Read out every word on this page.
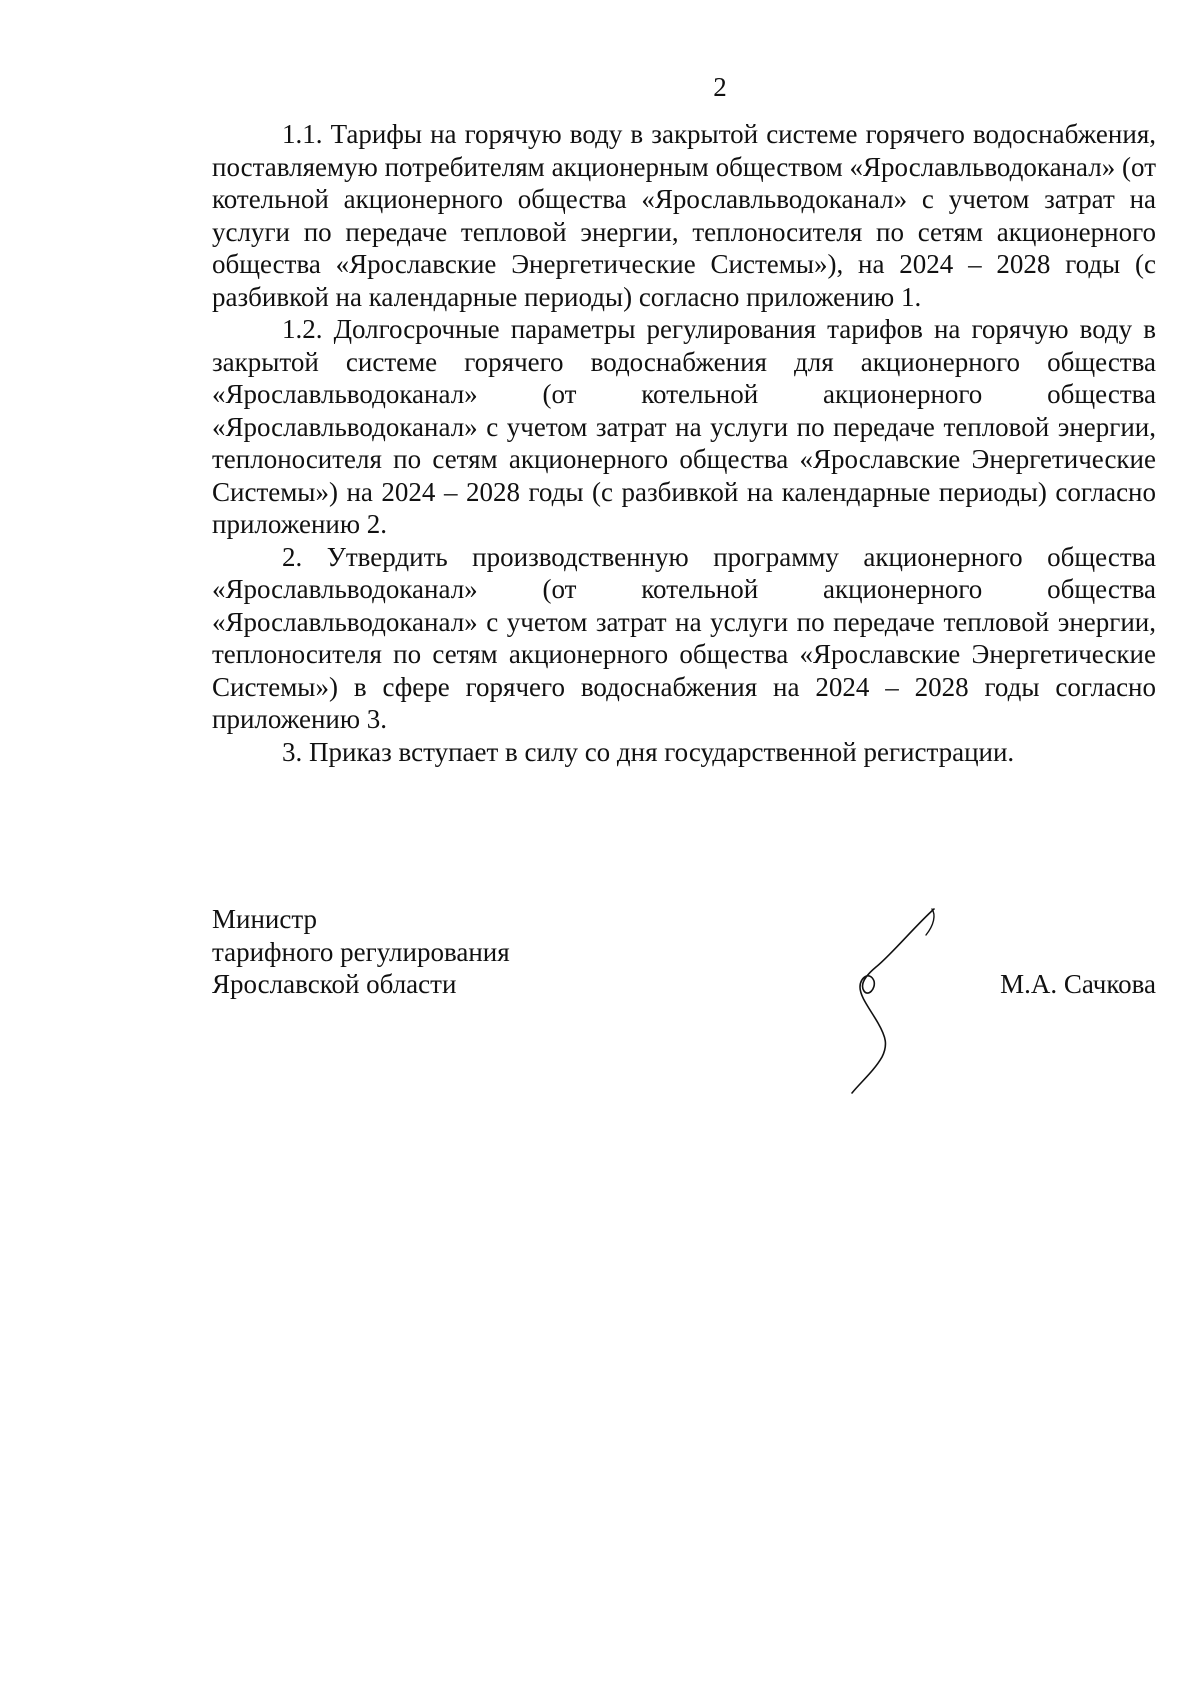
2

1.1. Тарифы на горячую воду в закрытой системе горячего водоснабжения, поставляемую потребителям акционерным обществом «Ярославльводоканал» (от котельной акционерного общества «Ярославльводоканал» с учетом затрат на услуги по передаче тепловой энергии, теплоносителя по сетям акционерного общества «Ярославские Энергетические Системы»), на 2024 – 2028 годы (с разбивкой на календарные периоды) согласно приложению 1.

1.2. Долгосрочные параметры регулирования тарифов на горячую воду в закрытой системе горячего водоснабжения для акционерного общества «Ярославльводоканал» (от котельной акционерного общества «Ярославльводоканал» с учетом затрат на услуги по передаче тепловой энергии, теплоносителя по сетям акционерного общества «Ярославские Энергетические Системы») на 2024 – 2028 годы (с разбивкой на календарные периоды) согласно приложению 2.

2. Утвердить производственную программу акционерного общества «Ярославльводоканал» (от котельной акционерного общества «Ярославльводоканал» с учетом затрат на услуги по передаче тепловой энергии, теплоносителя по сетям акционерного общества «Ярославские Энергетические Системы») в сфере горячего водоснабжения на 2024 – 2028 годы согласно приложению 3.

3. Приказ вступает в силу со дня государственной регистрации.

Министр
тарифного регулирования
Ярославской области	М.А. Сачкова
